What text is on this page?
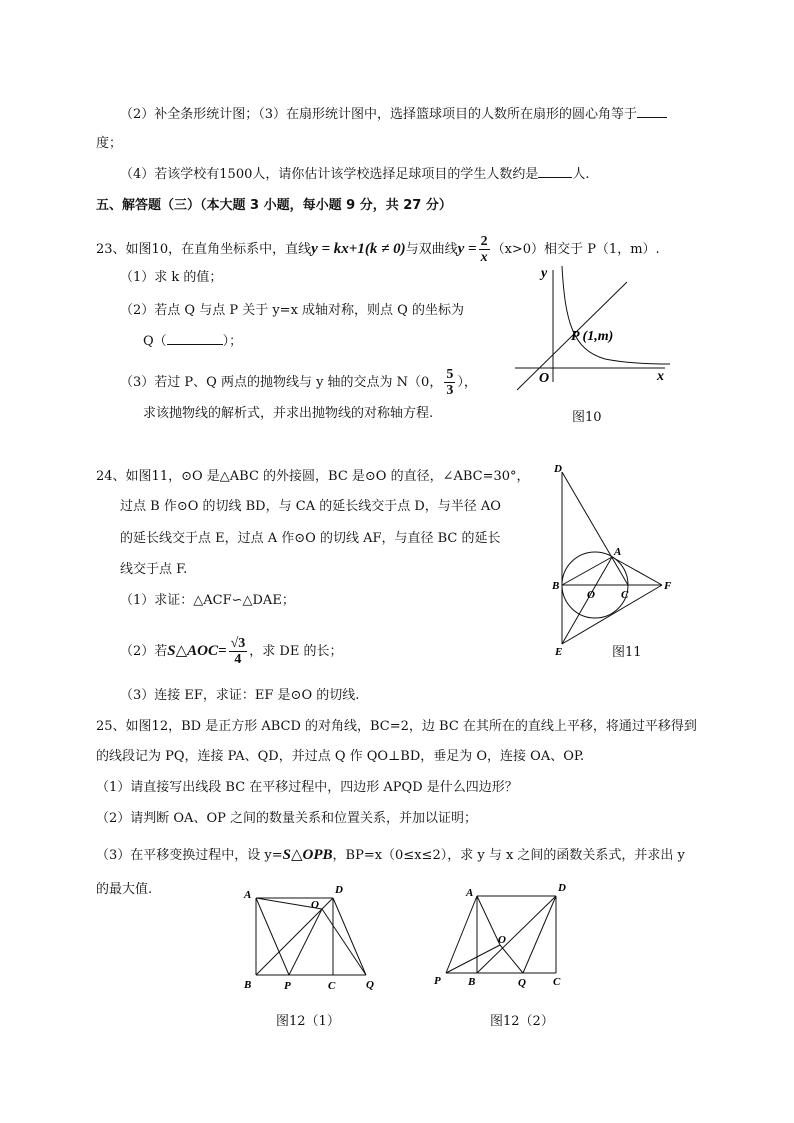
（2）补全条形统计图；（3）在扇形统计图中，选择篮球项目的人数所在扇形的圆心角等于
度；
（4）若该学校有1500人，请你估计该学校选择足球项目的学生人数约是	人.
五、解答题（三）（本大题 3 小题，每小题 9 分，共 27 分）
23、如图10，在直角坐标系中，直线y = kx+1(k ≠ 0)与双曲线$y = \frac{2}{x} (x>0)$相交于 P（1，m）.
（1）求 k 的值；
（2）若点 Q 与点 P 关于 y=x 成轴对称，则点 Q 的坐标为
Q（	）；
（3）若过 P、Q 两点的抛物线与 y 轴的交点为 N（0， $\frac{5}{3}$ ），
求该抛物线的解析式，并求出抛物线的对称轴方程.
y
x
O
P (1,m)
图10
24、如图11，⊙O 是△ABC 的外接圆，BC 是⊙O 的直径，∠ABC=30°，
过点 B 作⊙O 的切线 BD，与 CA 的延长线交于点 D，与半径 AO
的延长线交于点 E，过点 A 作⊙O 的切线 AF，与直径 BC 的延长
线交于点 F.
（1）求证：△ACF∽△DAE；
（2）若S△AOC= $\frac{√3}{4}$ ，求 DE 的长；
（3）连接 EF，求证：EF 是⊙O 的切线.
D
A
B
O C
F
E	图11
25、如图12，BD 是正方形 ABCD 的对角线，BC=2，边 BC 在其所在的直线上平移，将通过平移得到
的线段记为 PQ，连接 PA、QD，并过点 Q 作 QO⊥BD，垂足为 O，连接 OA、OP.
（1）请直接写出线段 BC 在平移过程中，四边形 APQD 是什么四边形？
（2）请判断 OA、OP 之间的数量关系和位置关系，并加以证明；
（3）在平移变换过程中，设 y=S△OPB，BP=x（0≤x≤2），求 y 与 x 之间的函数关系式，并求出 y
的最大值.	A	D
O
B	P	C	Q
图12（1）
A	D
O
P B	Q C
图12（2）
